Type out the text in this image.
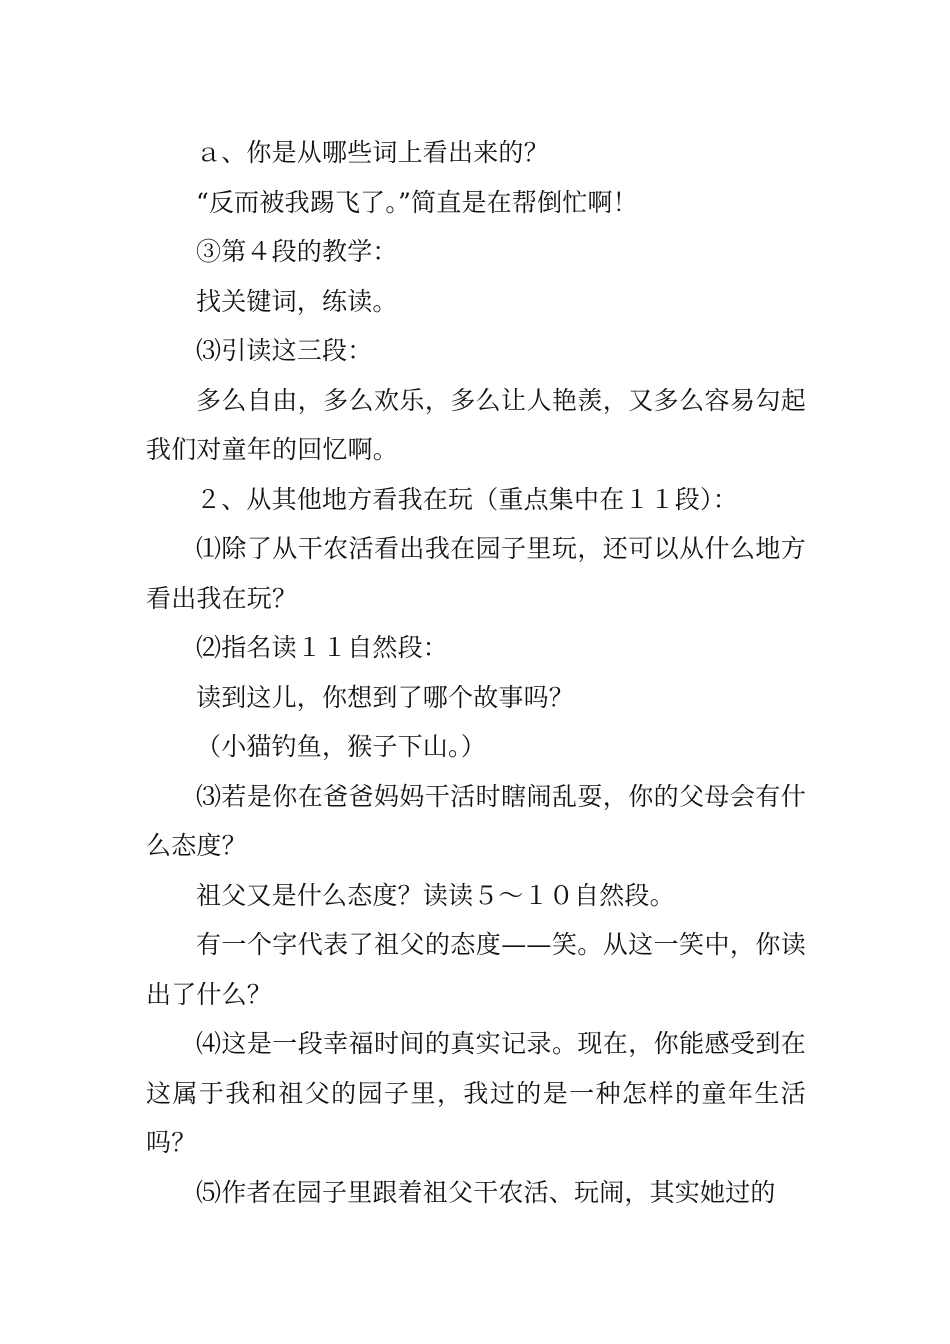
ａ、你是从哪些词上看出来的？

“反而被我踢飞了。”简直是在帮倒忙啊！

③第４段的教学：

找关键词，练读。

⑶引读这三段：

多么自由，多么欢乐，多么让人艳羡，又多么容易勾起我们对童年的回忆啊。

２、从其他地方看我在玩（重点集中在１１段）：

⑴除了从干农活看出我在园子里玩，还可以从什么地方看出我在玩？

⑵指名读１１自然段：

读到这儿，你想到了哪个故事吗？

（小猫钓鱼，猴子下山。）

⑶若是你在爸爸妈妈干活时瞎闹乱耍，你的父母会有什么态度？

祖父又是什么态度？读读５～１０自然段。

有一个字代表了祖父的态度——笑。从这一笑中，你读出了什么？

⑷这是一段幸福时间的真实记录。现在，你能感受到在这属于我和祖父的园子里，我过的是一种怎样的童年生活吗？

⑸作者在园子里跟着祖父干农活、玩闹，其实她过的
